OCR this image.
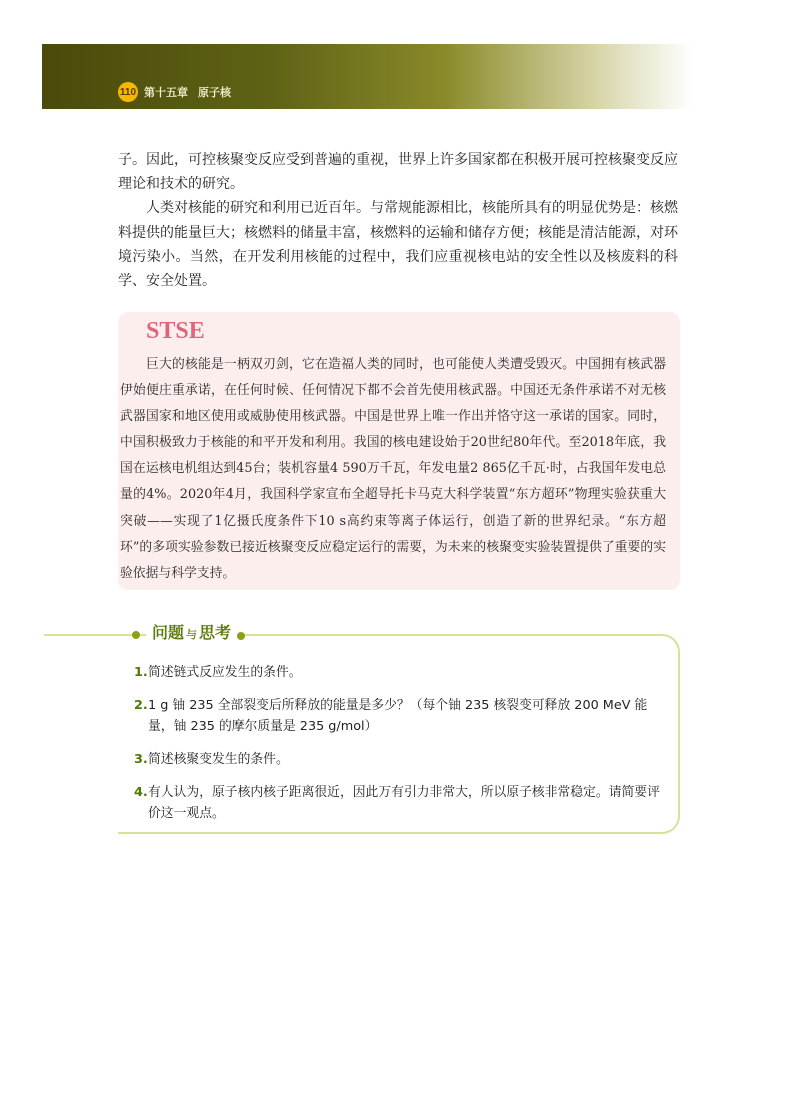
110 第十五章 原子核

子。因此，可控核聚变反应受到普遍的重视，世界上许多国家都在积极开展可控核聚变反应理论和技术的研究。

人类对核能的研究和利用已近百年。与常规能源相比，核能所具有的明显优势是：核燃料提供的能量巨大；核燃料的储量丰富，核燃料的运输和储存方便；核能是清洁能源，对环境污染小。当然，在开发利用核能的过程中，我们应重视核电站的安全性以及核废料的科学、安全处置。

STSE

巨大的核能是一柄双刃剑，它在造福人类的同时，也可能使人类遭受毁灭。中国拥有核武器伊始便庄重承诺，在任何时候、任何情况下都不会首先使用核武器。中国还无条件承诺不对无核武器国家和地区使用或威胁使用核武器。中国是世界上唯一作出并恪守这一承诺的国家。同时，中国积极致力于核能的和平开发和利用。我国的核电建设始于20世纪80年代。至2018年底，我国在运核电机组达到45台；装机容量4 590万千瓦，年发电量2 865亿千瓦·时，占我国年发电总量的4%。2020年4月，我国科学家宣布全超导托卡马克大科学装置“东方超环”物理实验获重大突破——实现了1亿摄氏度条件下10 s高约束等离子体运行，创造了新的世界纪录。“东方超环”的多项实验参数已接近核聚变反应稳定运行的需要，为未来的核聚变实验装置提供了重要的实验依据与科学支持。

问题 与 思考
1. 简述链式反应发生的条件。
2. 1 g 铀 235 全部裂变后所释放的能量是多少？（每个铀 235 核裂变可释放 200 MeV 能量，铀 235 的摩尔质量是 235 g/mol）
3. 简述核聚变发生的条件。
4. 有人认为，原子核内核子距离很近，因此万有引力非常大，所以原子核非常稳定。请简要评价这一观点。
